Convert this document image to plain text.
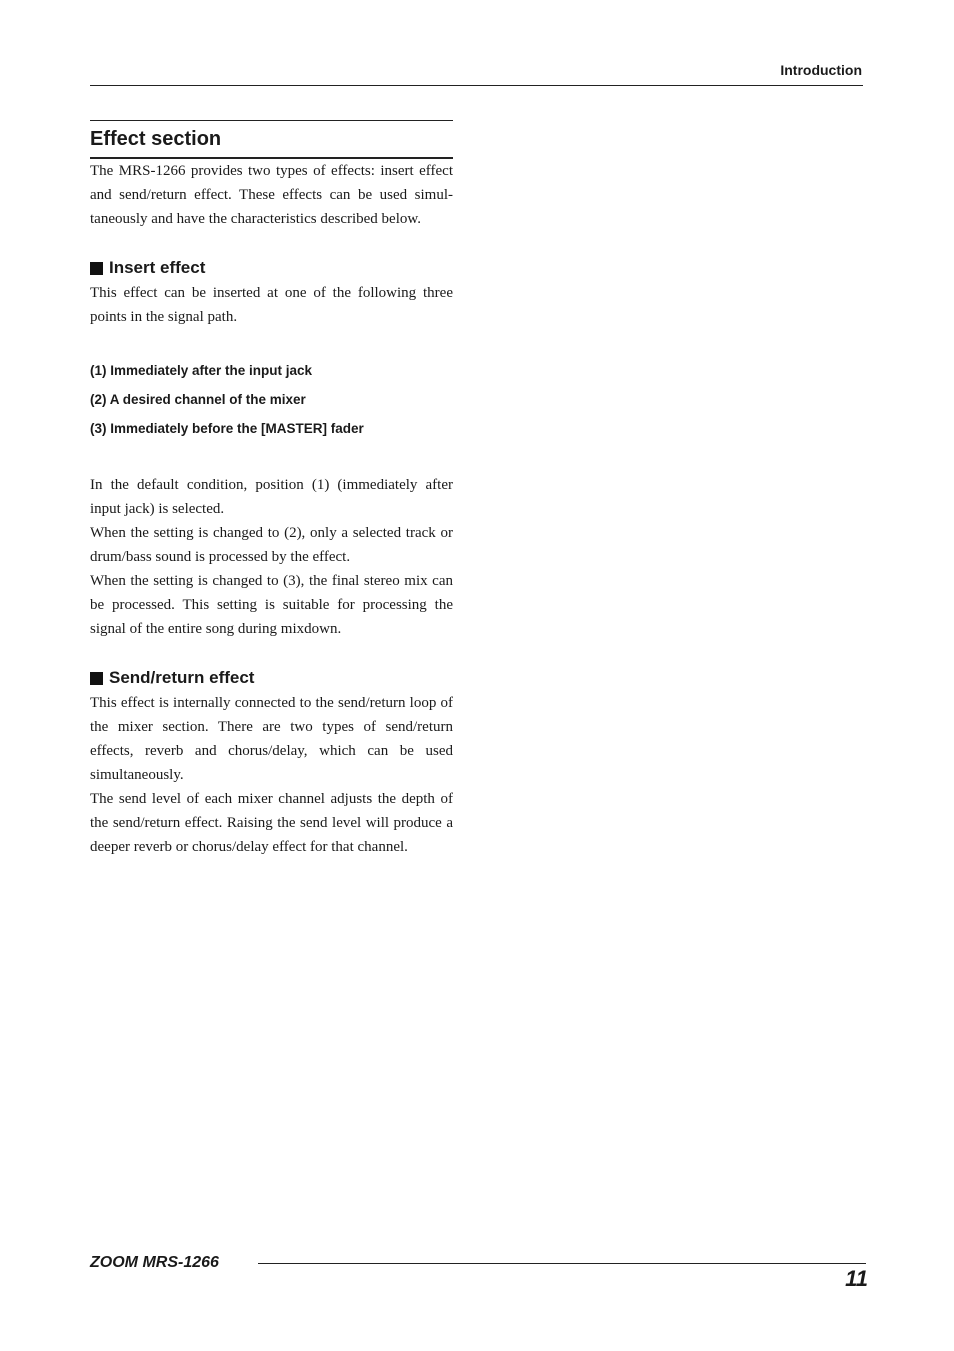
Introduction
Effect section

The MRS-1266 provides two types of effects: insert effect and send/return effect. These effects can be used simul-taneously and have the characteristics described below.

Insert effect

This effect can be inserted at one of the following three points in the signal path.

(1) Immediately after the input jack
(2) A desired channel of the mixer
(3) Immediately before the [MASTER] fader

In the default condition, position (1) (immediately after input jack) is selected.

When the setting is changed to (2), only a selected track or drum/bass sound is processed by the effect.

When the setting is changed to (3), the final stereo mix can be processed. This setting is suitable for processing the signal of the entire song during mixdown.

Send/return effect

This effect is internally connected to the send/return loop of the mixer section. There are two types of send/return effects, reverb and chorus/delay, which can be used simultaneously.

The send level of each mixer channel adjusts the depth of the send/return effect. Raising the send level will produce a deeper reverb or chorus/delay effect for that channel.

ZOOM MRS-1266
11
